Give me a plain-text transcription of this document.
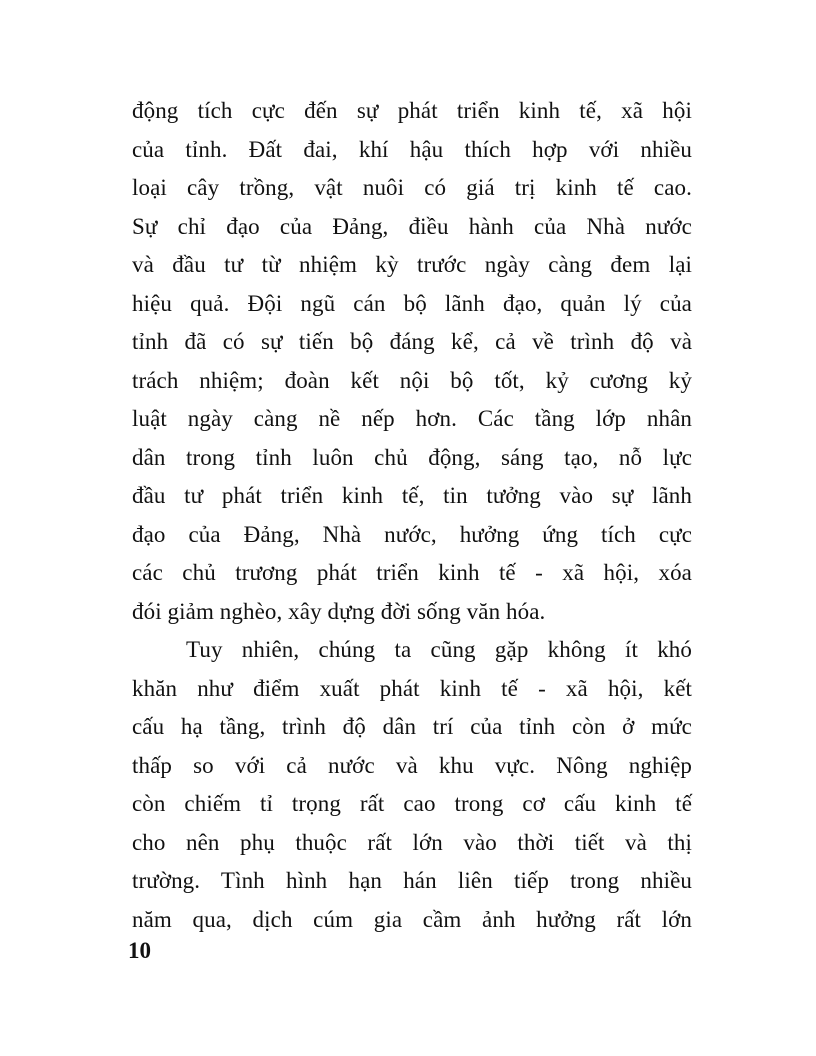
động tích cực đến sự phát triển kinh tế, xã hội
của tỉnh. Đất đai, khí hậu thích hợp với nhiều
loại cây trồng, vật nuôi có giá trị kinh tế cao.
Sự chỉ đạo của Đảng, điều hành của Nhà nước
và đầu tư từ nhiệm kỳ trước ngày càng đem lại
hiệu quả. Đội ngũ cán bộ lãnh đạo, quản lý của
tỉnh đã có sự tiến bộ đáng kể, cả về trình độ và
trách nhiệm; đoàn kết nội bộ tốt, kỷ cương kỷ
luật ngày càng nề nếp hơn. Các tầng lớp nhân
dân trong tỉnh luôn chủ động, sáng tạo, nỗ lực
đầu tư phát triển kinh tế, tin tưởng vào sự lãnh
đạo của Đảng, Nhà nước, hưởng ứng tích cực
các chủ trương phát triển kinh tế - xã hội, xóa
đói giảm nghèo, xây dựng đời sống văn hóa.
Tuy nhiên, chúng ta cũng gặp không ít khó
khăn như điểm xuất phát kinh tế - xã hội, kết
cấu hạ tầng, trình độ dân trí của tỉnh còn ở mức
thấp so với cả nước và khu vực. Nông nghiệp
còn chiếm tỉ trọng rất cao trong cơ cấu kinh tế
cho nên phụ thuộc rất lớn vào thời tiết và thị
trường. Tình hình hạn hán liên tiếp trong nhiều
năm qua, dịch cúm gia cầm ảnh hưởng rất lớn
10
